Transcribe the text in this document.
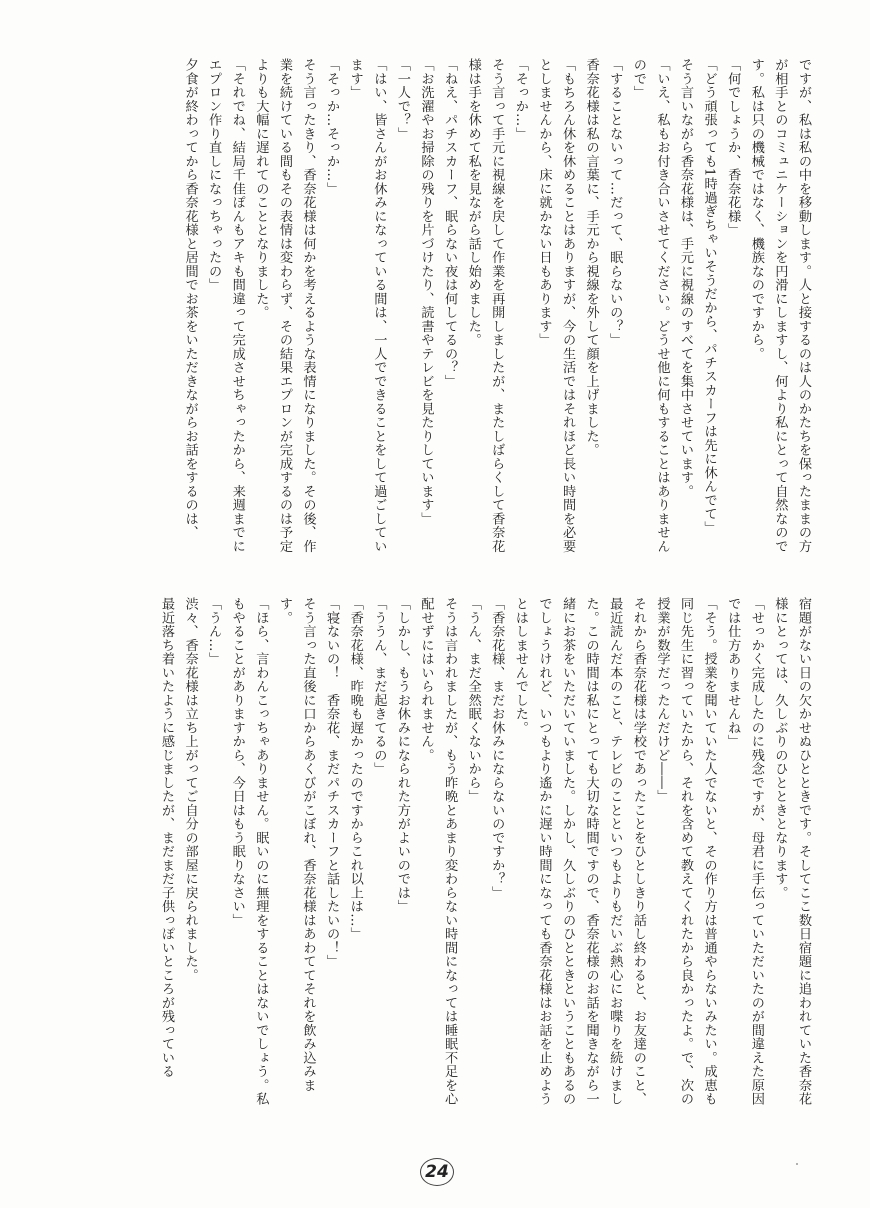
ですが、私は私の中を移動します。人と接するのは人のかたちを保ったままの方が相手とのコミュニケーションを円滑にしますし、何より私にとって自然なのです。私は只の機械ではなく、機族なのですから。

「何でしょうか、香奈花様」

「どう頑張っても1時過ぎちゃいそうだから、パチスカーフは先に休んでて」

そう言いながら香奈花様は、手元に視線のすべてを集中させています。

「いえ、私もお付き合いさせてください。どうせ他に何もすることはありませんので」

「することないって…だって、眠らないの？」

香奈花様は私の言葉に、手元から視線を外して顔を上げました。

「もちろん休を休めることはありますが、今の生活ではそれほど長い時間を必要としませんから、床に就かない日もあります」

「そっか…」

そう言って手元に視線を戻して作業を再開しましたが、またしばらくして香奈花様は手を休めて私を見ながら話し始めました。

「ねえ、パチスカーフ、眠らない夜は何してるの？」

「お洗濯やお掃除の残りを片づけたり、読書やテレビを見たりしています」

「一人で？」

「はい、皆さんがお休みになっている間は、一人でできることをして過ごしています」

「そっか…そっか…」

そう言ったきり、香奈花様は何かを考えるような表情になりました。その後、作業を続けている間もその表情は変わらず、その結果エプロンが完成するのは予定よりも大幅に遅れてのこととなりました。

「それでね、結局千佳ぽんもアキも間違って完成させちゃったから、来週までにエプロン作り直しになっちゃったの」

夕食が終わってから香奈花様と居間でお茶をいただきながらお話をするのは、

宿題がない日の欠かせぬひとときです。そしてここ数日宿題に追われていた香奈花様にとっては、久しぶりのひとときとなります。

「せっかく完成したのに残念ですが、母君に手伝っていただいたのが間違えた原因では仕方ありませんね」

「そう。授業を聞いていた人でないと、その作り方は普通やらないみたい。成恵も同じ先生に習っていたから、それを含めて教えてくれたから良かったよ。で、次の授業が数学だったんだけど――」

それから香奈花様は学校であったことをひとしきり話し終わると、お友達のこと、最近読んだ本のこと、テレビのことといつもよりもだいぶ熱心にお喋りを続けました。この時間は私にとっても大切な時間ですので、香奈花様のお話を聞きながら一緒にお茶をいただいていました。しかし、久しぶりのひとときということもあるのでしょうけれど、いつもより遙かに遅い時間になっても香奈花様はお話を止めようとはしませんでした。

「香奈花様、まだお休みにならないのですか？」

「うん、まだ全然眠くないから」

そうは言われましたが、もう昨晩とあまり変わらない時間になっては睡眠不足を心配せずにはいられません。

「しかし、もうお休みになられた方がよいのでは」

「ううん、まだ起きてるの」

「香奈花様、昨晩も遅かったのですからこれ以上は…」

「寝ないの！　香奈花、まだパチスカーフと話したいの！」

そう言った直後に口からあくびがこぼれ、香奈花様はあわててそれを飲み込みます。

「ほら、言わんこっちゃありません。眠いのに無理をすることはないでしょう。私もやることがありますから、今日はもう眠りなさい」

「うん…」

渋々、香奈花様は立ち上がってご自分の部屋に戻られました。

最近落ち着いたように感じましたが、まだまだ子供っぽいところが残っている

24
